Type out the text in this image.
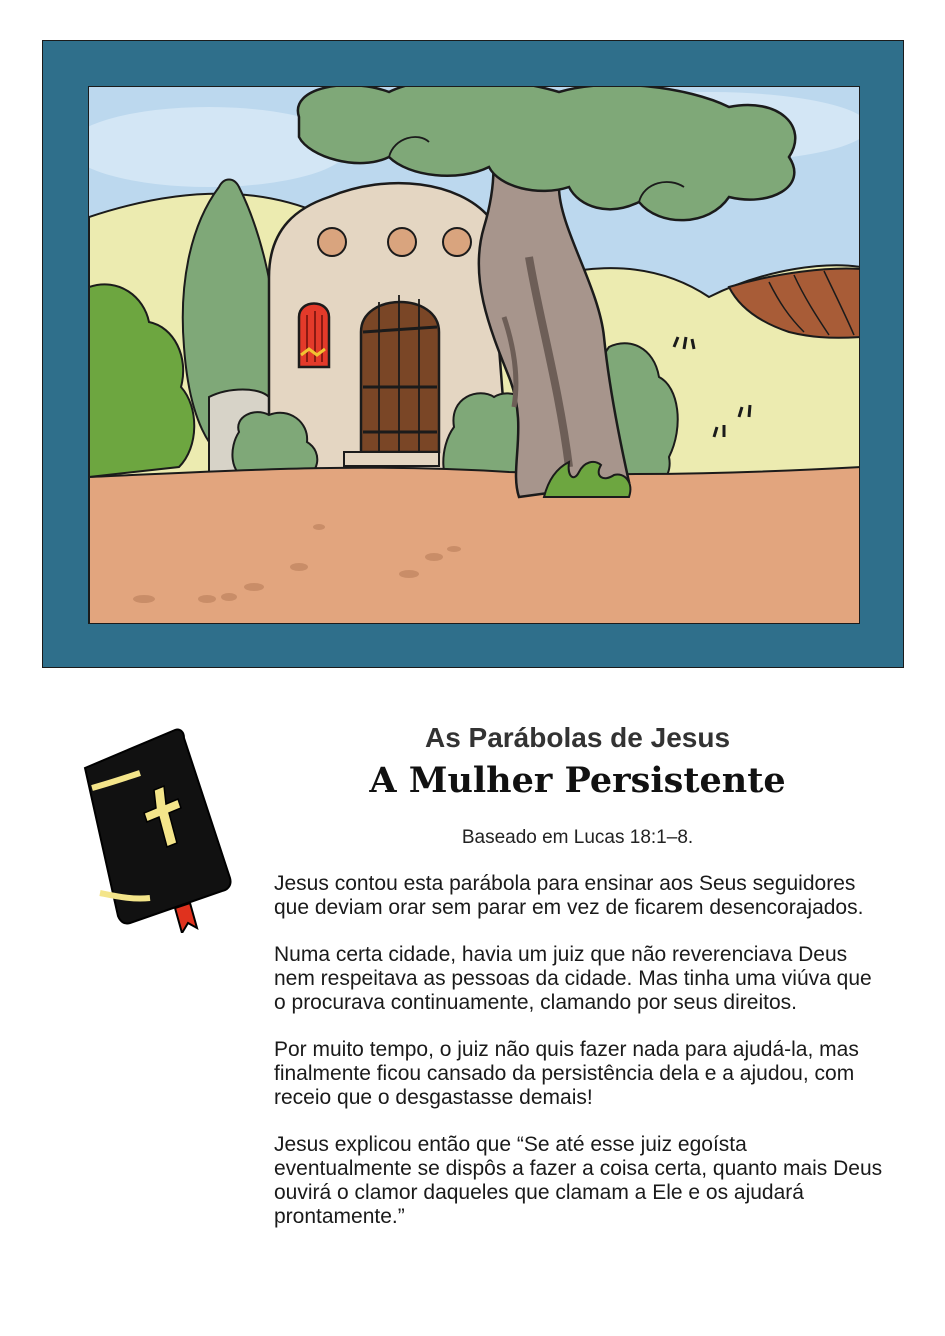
As Parábolas de Jesus
A Mulher Persistente
Baseado em Lucas 18:1–8.

Jesus contou esta parábola para ensinar aos Seus seguidores que deviam orar sem parar em vez de ficarem desencorajados.

Numa certa cidade, havia um juiz que não reverenciava Deus nem respeitava as pessoas da cidade. Mas tinha uma viúva que o procurava continuamente, clamando por seus direitos.

Por muito tempo, o juiz não quis fazer nada para ajudá-la, mas finalmente ficou cansado da persistência dela e a ajudou, com receio que o desgastasse demais!

Jesus explicou então que “Se até esse juiz egoísta eventualmente se dispôs a fazer a coisa certa, quanto mais Deus ouvirá o clamor daqueles que clamam a Ele e os ajudará prontamente.”
